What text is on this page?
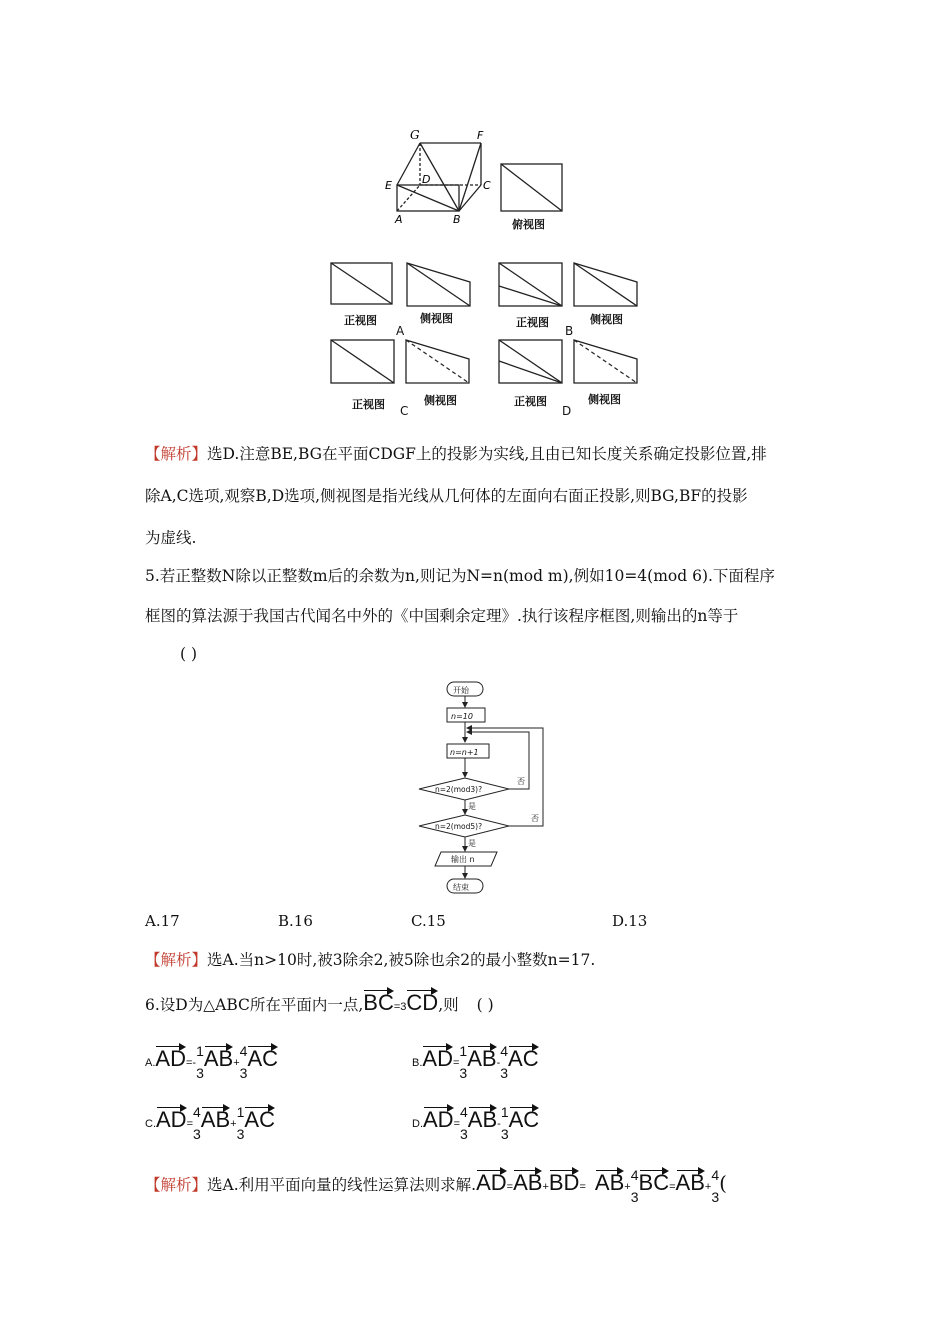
G	F
E	D	C
A	B	俯视图
正视图	侧视图
A
正视图
B
侧视图
正视图 C
侧视图	正视图
D
侧视图
【解析】选D.注意BE,BG在平面CDGF上的投影为实线,且由已知长度关系确定投影位置,排
除A,C选项,观察B,D选项,侧视图是指光线从几何体的左面向右面正投影,则BG,BF的投影
为虚线.
5.若正整数N除以正整数m后的余数为n,则记为N=n(mod m),例如10=4(mod 6).下面程序
框图的算法源于我国古代闻名中外的《中国剩余定理》.执行该程序框图,则输出的n等于
( )
开始
n=10
n=n+1
n=2(mod3)?
n=2(mod5)?
是
是
否
否
输出 n
结束
A.17	B.16	C.15	D.13
【解析】选A.当n>10时,被3除余2,被5除也余2的最小整数n=17.
6.设D为△ABC所在平面内一点,BC=3CD,则 ( )
A.AD=-
1
3
AB+
4
3
AC	B.AD=
1
3
AB-
4
3
AC
C.AD=
4
3
AB+
1
3
AC	D.AD=
4
3
AB-
1
3
AC
【解析】选A.利用平面向量的线性运算法则求解.AD=AB+BD= AB+
4
3
BC=AB+
4
3
(
